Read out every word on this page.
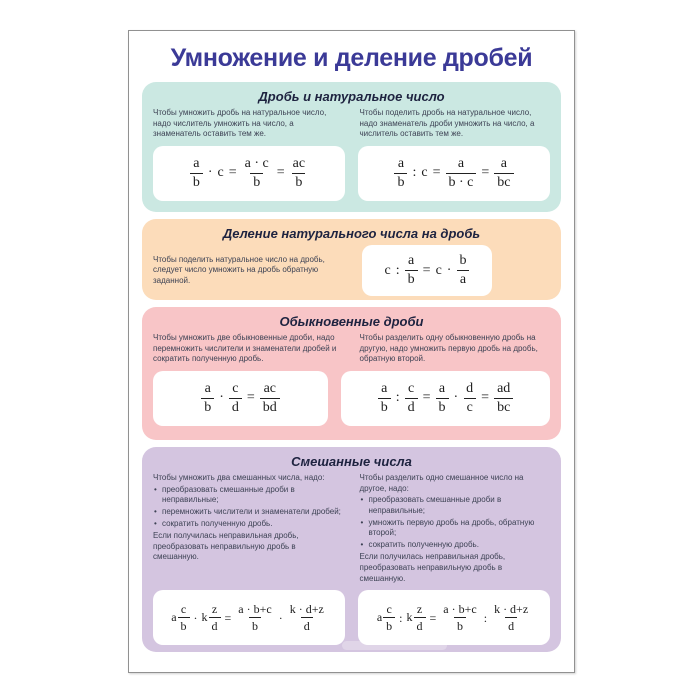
Умножение и деление дробей
Дробь и натуральное число
Чтобы умножить дробь на натуральное число, надо числитель умножить на число, а знаменатель оставить тем же.
Чтобы поделить дробь на натуральное число, надо знаменатель дроби умножить на число, а числитель оставить тем же.
$\frac{a}{b} \cdot c = \frac{a \cdot c}{b} = \frac{ac}{b}$	$\frac{a}{b}$ : $c = \frac{a}{b \cdot c} = \frac{a}{bc}$
Деление натурального числа на дробь
Чтобы поделить натуральное число на дробь, следует число умножить на дробь обратную заданной.
c : $\frac{a}{b} = c \cdot \frac{b}{a}$
Обыкновенные дроби
Чтобы умножить две обыкновенные дроби, надо перемножить числители и знаменатели дробей и сократить полученную дробь.
Чтобы разделить одну обыкновенную дробь на другую, надо умножить первую дробь на дробь, обратную второй.
$\frac{a}{b} \cdot \frac{c}{d} = \frac{ac}{bd}$	$\frac{a}{b}$ : $\frac{c}{d} = \frac{a}{b} \cdot \frac{d}{c} = \frac{ad}{bc}$
Смешанные числа
Чтобы умножить два смешанных числа, надо:
• преобразовать смешанные дроби в неправильные;
• перемножить числители и знаменатели дробей;
• сократить полученную дробь.
Если получилась неправильная дробь, преобразовать неправильную дробь в смешанную.
Чтобы разделить одно смешанное число на другое, надо:
• преобразовать смешанные дроби в неправильные;
• умножить первую дробь на дробь, обратную второй;
• сократить полученную дробь.
Если получилась неправильная дробь, преобразовать неправильную дробь в смешанную.
a $\frac{c}{b} \cdot k \frac{z}{d} = \frac{a \cdot b+c}{b} \cdot \frac{k \cdot d+z}{d}$	a $\frac{c}{b}$ : k $\frac{z}{d} = \frac{a \cdot b+c}{b}$ : $\frac{k \cdot d+z}{d}$
